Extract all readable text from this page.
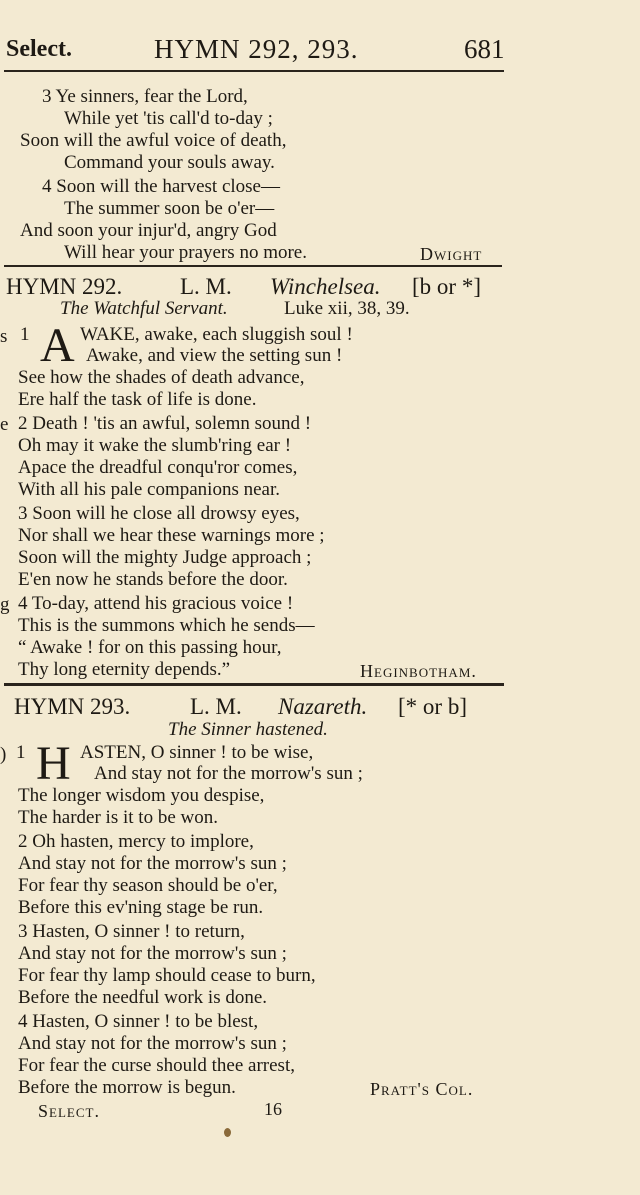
Select.	HYMN 292, 293.	681
3 Ye sinners, fear the Lord,
While yet 'tis call'd to-day ;
Soon will the awful voice of death,
Command your souls away.
4 Soon will the harvest close—
The summer soon be o'er—
And soon your injur'd, angry God
Will hear your prayers no more.	Dwight
HYMN 292.	L. M. Winchelsea. [b or *]
The Watchful Servant.	Luke xii, 38, 39.
s 1 A WAKE, awake, each sluggish soul !
Awake, and view the setting sun !
See how the shades of death advance,
Ere half the task of life is done.
e 2 Death ! 'tis an awful, solemn sound !
Oh may it wake the slumb'ring ear !
Apace the dreadful conqu'ror comes,
With all his pale companions near.
3 Soon will he close all drowsy eyes,
Nor shall we hear these warnings more ;
Soon will the mighty Judge approach ;
E'en now he stands before the door.
g 4 To-day, attend his gracious voice !
This is the summons which he sends—
“ Awake ! for on this passing hour,
Thy long eternity depends.”	Heginbotham.
HYMN 293.	L. M. Nazareth. [* or b]
The Sinner hastened.
) 1 H ASTEN, O sinner ! to be wise,
And stay not for the morrow's sun ;
The longer wisdom you despise,
The harder is it to be won.
2 Oh hasten, mercy to implore,
And stay not for the morrow's sun ;
For fear thy season should be o'er,
Before this ev'ning stage be run.
3 Hasten, O sinner ! to return,
And stay not for the morrow's sun ;
For fear thy lamp should cease to burn,
Before the needful work is done.
4 Hasten, O sinner ! to be blest,
And stay not for the morrow's sun ;
For fear the curse should thee arrest,
Before the morrow is begun.	Pratt's Col.
Select.	16
